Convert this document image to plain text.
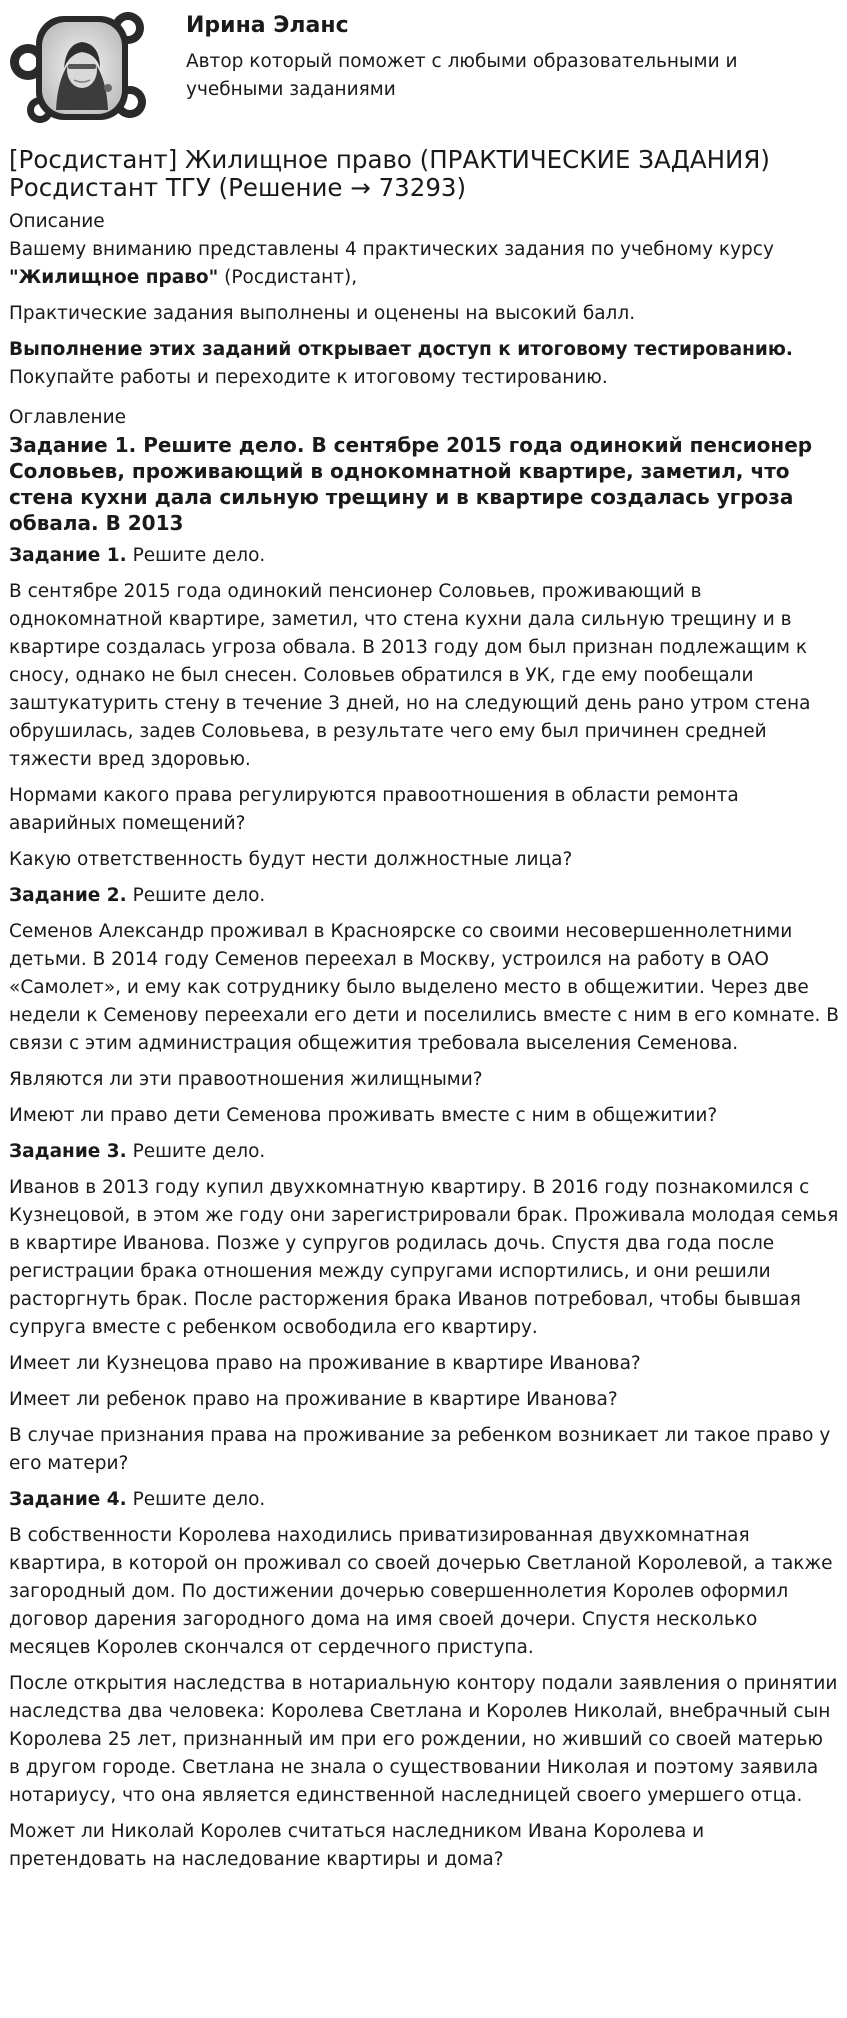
Ирина Эланс
Автор который поможет с любыми образовательными и учебными заданиями
[Росдистант] Жилищное право (ПРАКТИЧЕСКИЕ ЗАДАНИЯ) Росдистант ТГУ (Решение → 73293)
Описание

Вашему вниманию представлены 4 практических задания по учебному курсу "Жилищное право" (Росдистант),

Практические задания выполнены и оценены на высокий балл.

Выполнение этих заданий открывает доступ к итоговому тестированию.
Покупайте работы и переходите к итоговому тестированию.

Оглавление
Задание 1. Решите дело. В сентябре 2015 года одинокий пенсионер Соловьев, проживающий в однокомнатной квартире, заметил, что стена кухни дала сильную трещину и в квартире создалась угроза обвала. В 2013

Задание 1. Решите дело.

В сентябре 2015 года одинокий пенсионер Соловьев, проживающий в однокомнатной квартире, заметил, что стена кухни дала сильную трещину и в квартире создалась угроза обвала. В 2013 году дом был признан подлежащим к сносу, однако не был снесен. Соловьев обратился в УК, где ему пообещали заштукатурить стену в течение 3 дней, но на следующий день рано утром стена обрушилась, задев Соловьева, в результате чего ему был причинен средней тяжести вред здоровью.

Нормами какого права регулируются правоотношения в области ремонта аварийных помещений?

Какую ответственность будут нести должностные лица?

Задание 2. Решите дело.

Семенов Александр проживал в Красноярске со своими несовершеннолетними детьми. В 2014 году Семенов переехал в Москву, устроился на работу в ОАО «Самолет», и ему как сотруднику было выделено место в общежитии. Через две недели к Семенову переехали его дети и поселились вместе с ним в его комнате. В связи с этим администрация общежития требовала выселения Семенова.

Являются ли эти правоотношения жилищными?

Имеют ли право дети Семенова проживать вместе с ним в общежитии?

Задание 3. Решите дело.

Иванов в 2013 году купил двухкомнатную квартиру. В 2016 году познакомился с Кузнецовой, в этом же году они зарегистрировали брак. Проживала молодая семья в квартире Иванова. Позже у супругов родилась дочь. Спустя два года после регистрации брака отношения между супругами испортились, и они решили расторгнуть брак. После расторжения брака Иванов потребовал, чтобы бывшая супруга вместе с ребенком освободила его квартиру.

Имеет ли Кузнецова право на проживание в квартире Иванова?

Имеет ли ребенок право на проживание в квартире Иванова?

В случае признания права на проживание за ребенком возникает ли такое право у его матери?

Задание 4. Решите дело.

В собственности Королева находились приватизированная двухкомнатная квартира, в которой он проживал со своей дочерью Светланой Королевой, а также загородный дом. По достижении дочерью совершеннолетия Королев оформил договор дарения загородного дома на имя своей дочери. Спустя несколько месяцев Королев скончался от сердечного приступа.

После открытия наследства в нотариальную контору подали заявления о принятии наследства два человека: Королева Светлана и Королев Николай, внебрачный сын Королева 25 лет, признанный им при его рождении, но живший со своей матерью в другом городе. Светлана не знала о существовании Николая и поэтому заявила нотариусу, что она является единственной наследницей своего умершего отца.

Может ли Николай Королев считаться наследником Ивана Королева и претендовать на наследование квартиры и дома?
